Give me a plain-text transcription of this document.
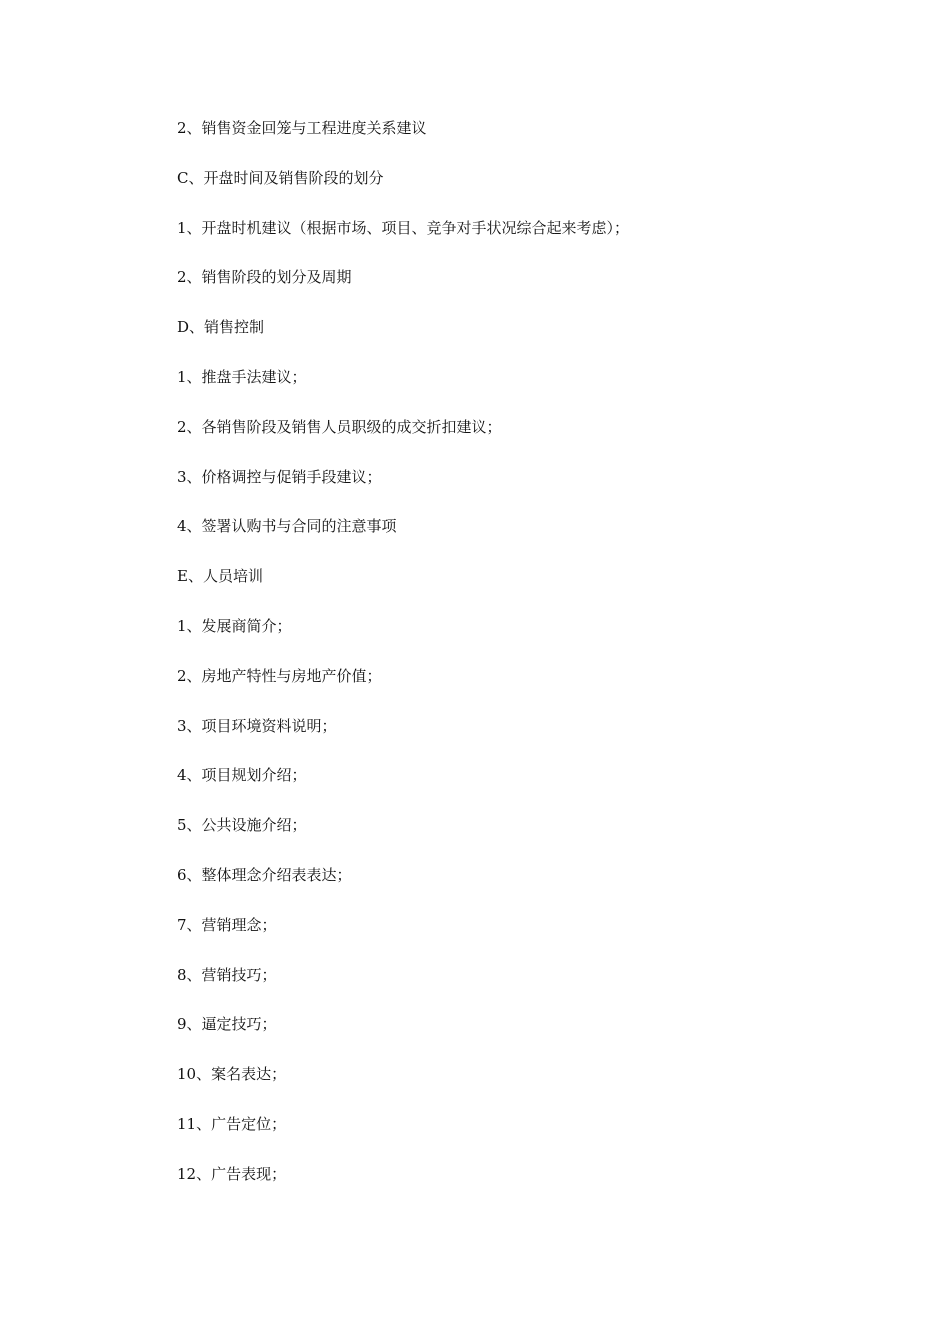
2、销售资金回笼与工程进度关系建议
C、开盘时间及销售阶段的划分
1、开盘时机建议（根据市场、项目、竞争对手状况综合起来考虑）；
2、销售阶段的划分及周期
D、销售控制
1、推盘手法建议；
2、各销售阶段及销售人员职级的成交折扣建议；
3、价格调控与促销手段建议；
4、签署认购书与合同的注意事项
E、人员培训
1、发展商简介；
2、房地产特性与房地产价值；
3、项目环境资料说明；
4、项目规划介绍；
5、公共设施介绍；
6、整体理念介绍表表达；
7、营销理念；
8、营销技巧；
9、逼定技巧；
10、案名表达；
11、广告定位；
12、广告表现；
